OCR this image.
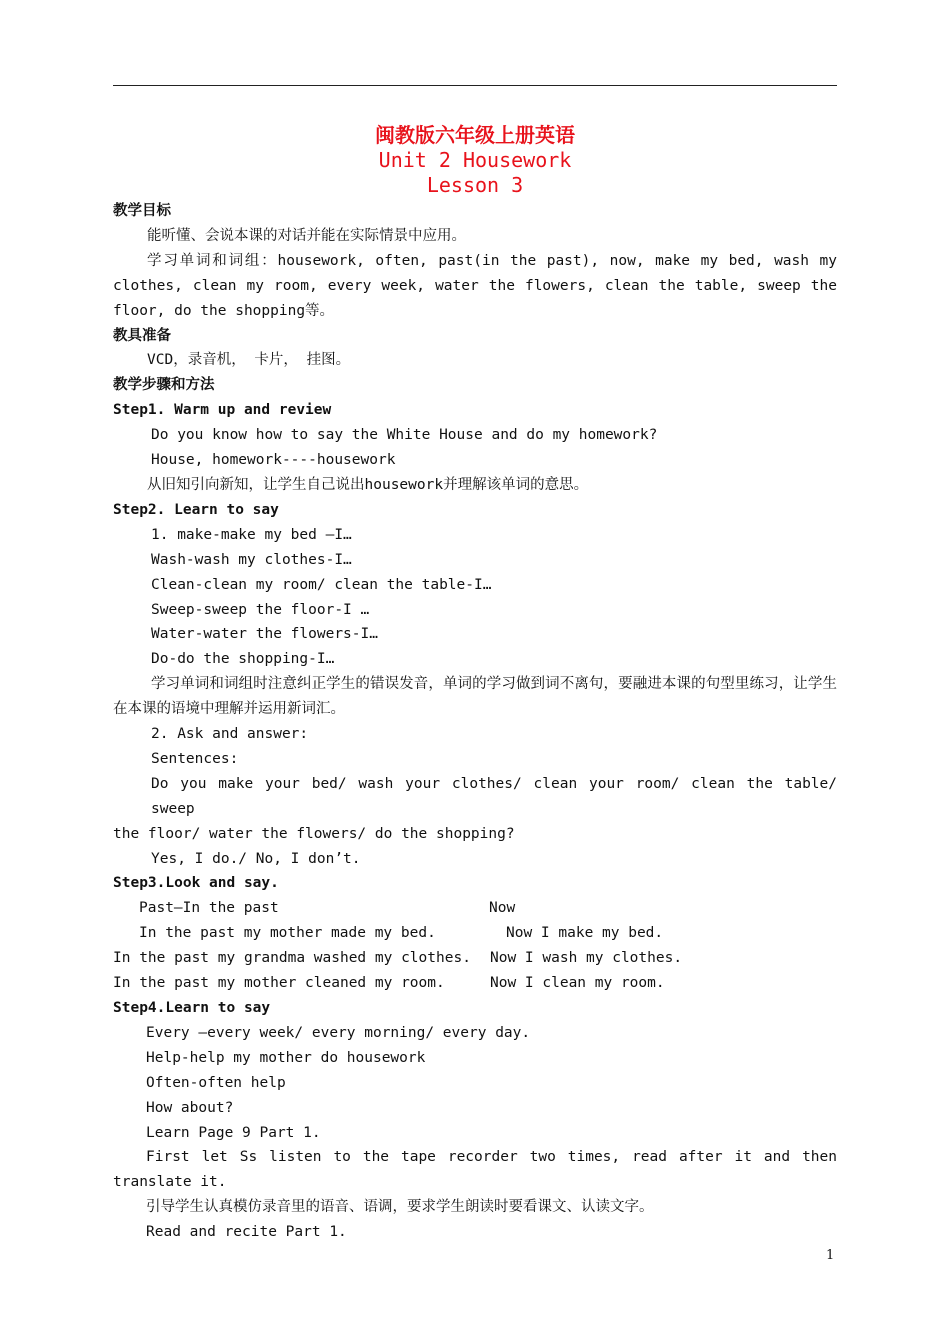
闽教版六年级上册英语
Unit 2 Housework
Lesson 3
教学目标
能听懂、会说本课的对话并能在实际情景中应用。
学习单词和词组：housework, often, past(in the past), now, make my bed, wash my
clothes, clean my room, every week, water the flowers, clean the table, sweep the
floor, do the shopping等。
教具准备
VCD，录音机， 卡片， 挂图。
教学步骤和方法
Step1. Warm up and review
Do you know how to say the White House and do my homework?
House, homework----housework
从旧知引向新知，让学生自己说出housework并理解该单词的意思。
Step2. Learn to say
1. make-make my bed –I…
Wash-wash my clothes-I…
Clean-clean my room/ clean the table-I…
Sweep-sweep the floor-I …
Water-water the flowers-I…
Do-do the shopping-I…
学习单词和词组时注意纠正学生的错误发音，单词的学习做到词不离句，要融进本课的句型里练习，让学生在本课的语境中理解并运用新词汇。
2. Ask and answer:
Sentences:
Do you make your bed/ wash your clothes/ clean your room/ clean the table/ sweep
the floor/ water the flowers/ do the shopping?
Yes, I do./ No, I don’t.
Step3.Look and say.
Past—In the past	Now
In the past my mother made my bed.	Now I make my bed.
In the past my grandma washed my clothes.	Now I wash my clothes.
In the past my mother cleaned my room.	Now I clean my room.
Step4.Learn to say
Every –every week/ every morning/ every day.
Help-help my mother do housework
Often-often help
How about?
Learn Page 9 Part 1.
First let Ss listen to the tape recorder two times, read after it and then
translate it.
引导学生认真模仿录音里的语音、语调，要求学生朗读时要看课文、认读文字。
Read and recite Part 1.
1
